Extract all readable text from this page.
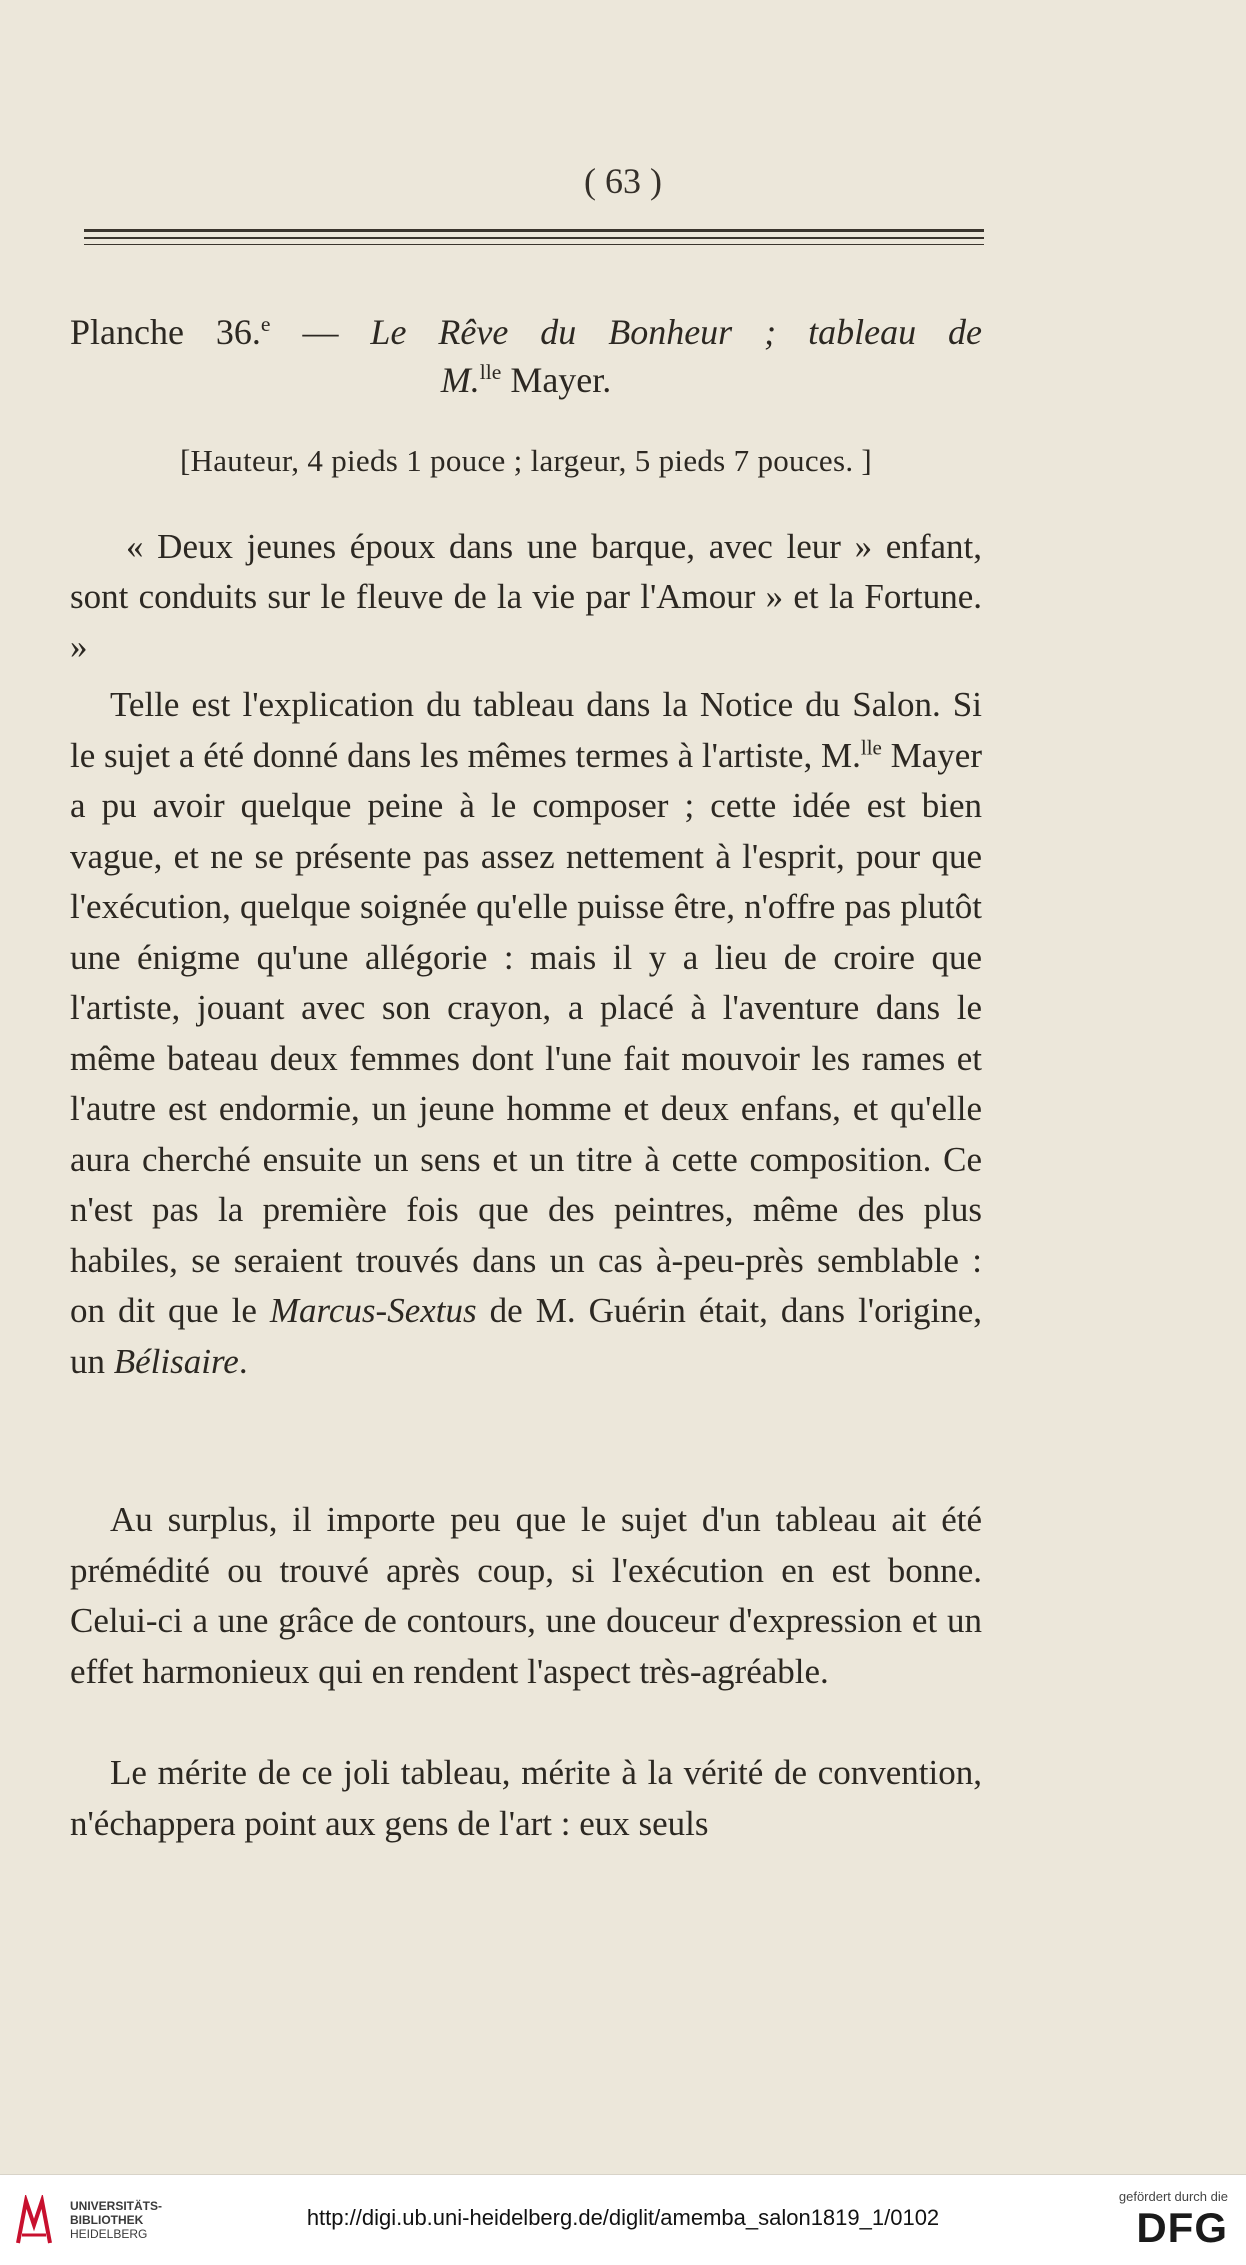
( 63 )
Planche 36.$^e$ — Le Rêve du Bonheur ; tableau de
M.$^{lle}$ Mayer.
[Hauteur, 4 pieds 1 pouce ; largeur, 5 pieds 7 pouces. ]
« Deux jeunes époux dans une barque, avec leur » enfant, sont conduits sur le fleuve de la vie par l'Amour » et la Fortune. »
Telle est l'explication du tableau dans la Notice du Salon. Si le sujet a été donné dans les mêmes termes à l'artiste, M.$^{lle}$ Mayer a pu avoir quelque peine à le composer ; cette idée est bien vague, et ne se présente pas assez nettement à l'esprit, pour que l'exécution, quelque soignée qu'elle puisse être, n'offre pas plutôt une énigme qu'une allégorie : mais il y a lieu de croire que l'artiste, jouant avec son crayon, a placé à l'aventure dans le même bateau deux femmes dont l'une fait mouvoir les rames et l'autre est endormie, un jeune homme et deux enfans, et qu'elle aura cherché ensuite un sens et un titre à cette composition. Ce n'est pas la première fois que des peintres, même des plus habiles, se seraient trouvés dans un cas à-peu-près semblable : on dit que le Marcus-Sextus de M. Guérin était, dans l'origine, un Bélisaire.
Au surplus, il importe peu que le sujet d'un tableau ait été prémédité ou trouvé après coup, si l'exécution en est bonne. Celui-ci a une grâce de contours, une douceur d'expression et un effet harmonieux qui en rendent l'aspect très-agréable.
Le mérite de ce joli tableau, mérite à la vérité de convention, n'échappera point aux gens de l'art : eux seuls
UNIVERSITÄTS-
BIBLIOTHEK
HEIDELBERG
http://digi.ub.uni-heidelberg.de/diglit/amemba_salon1819_1/0102
gefördert durch die
DFG
